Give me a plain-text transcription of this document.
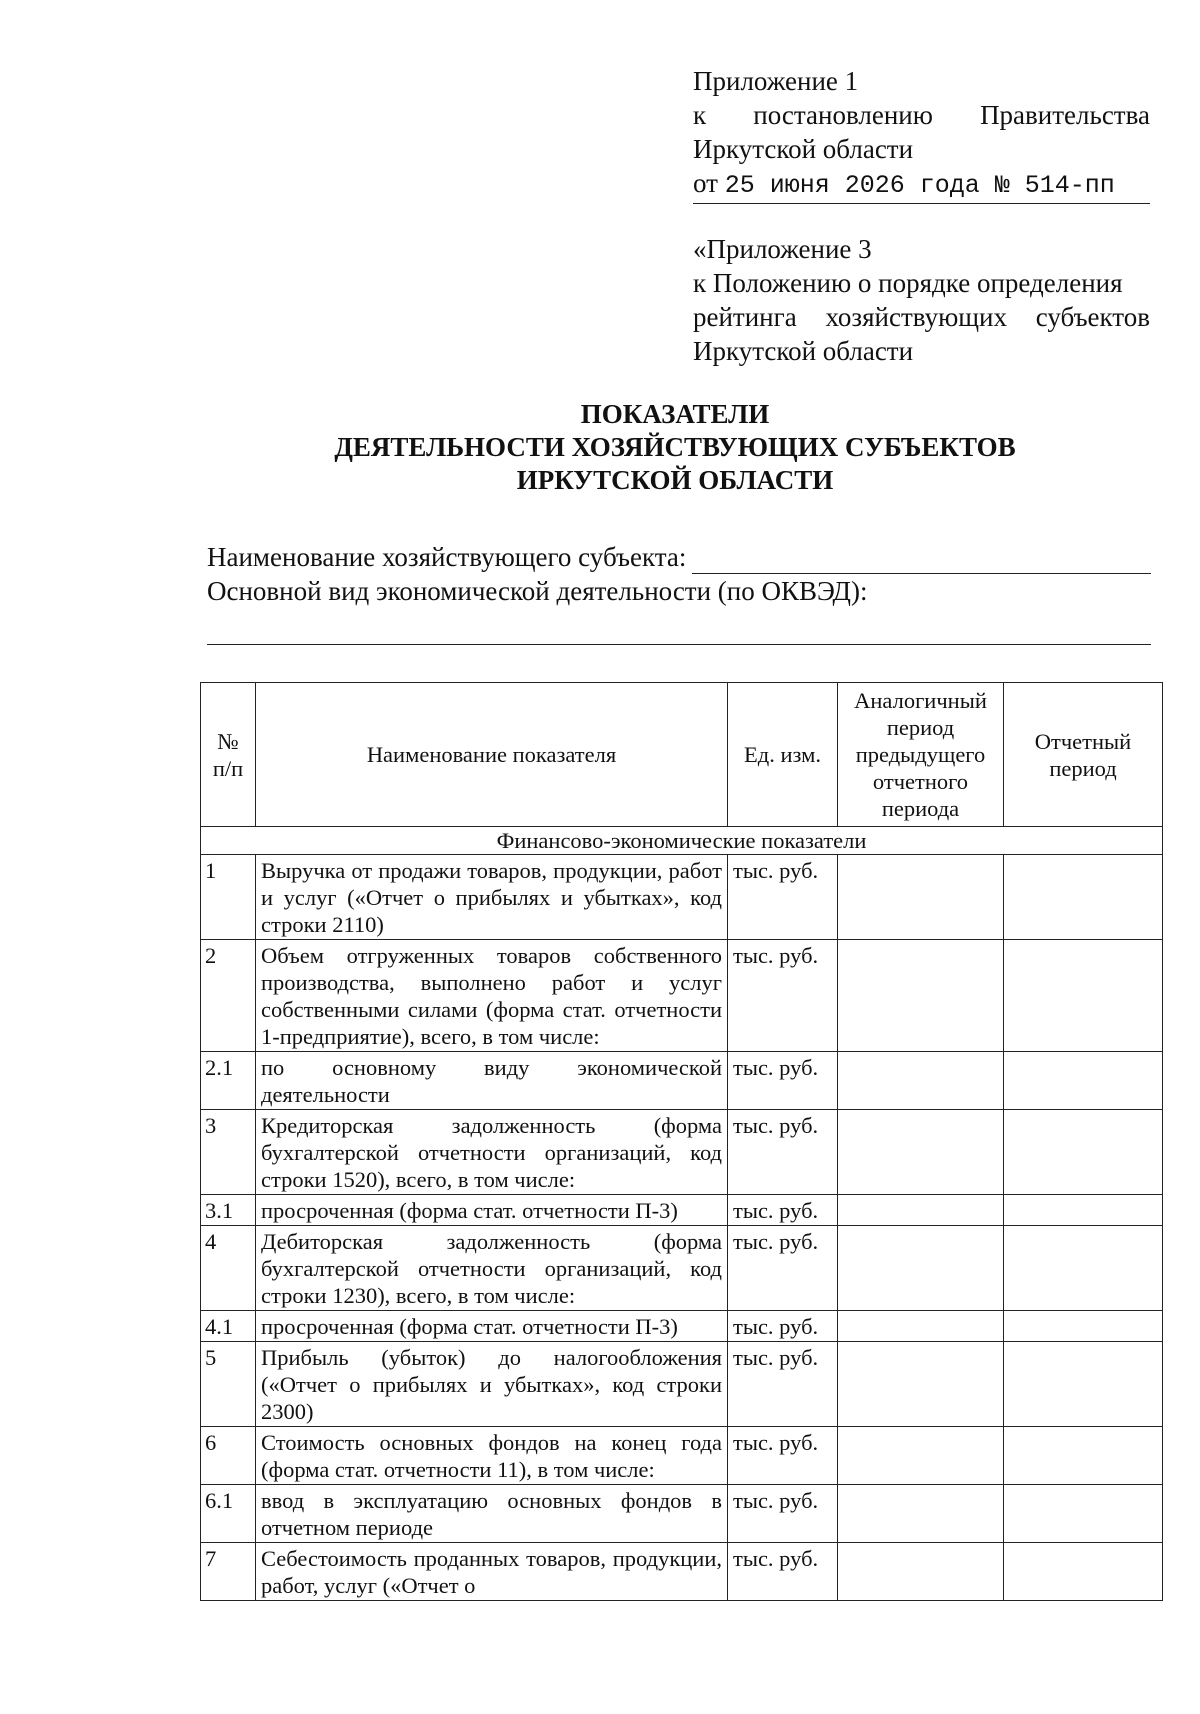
Приложение 1
к постановлению Правительства
Иркутской области
от 25 июня 2026 года № 514-пп
«Приложение 3
к Положению о порядке определения
рейтинга хозяйствующих субъектов
Иркутской области
ПОКАЗАТЕЛИ
ДЕЯТЕЛЬНОСТИ ХОЗЯЙСТВУЮЩИХ СУБЪЕКТОВ
ИРКУТСКОЙ ОБЛАСТИ
Наименование хозяйствующего субъекта:
Основной вид экономической деятельности (по ОКВЭД):
№ п/п	Наименование показателя	Ед. изм.	Аналогичный период предыдущего отчетного периода	Отчетный период
Финансово-экономические показатели				
1	Выручка от продажи товаров, продукции, работ и услуг («Отчет о прибылях и убытках», код строки 2110)	тыс. руб.		
2	Объем отгруженных товаров собственного производства, выполнено работ и услуг собственными силами (форма стат. отчетности 1-предприятие), всего, в том числе:	тыс. руб.		
2.1	по основному виду экономической деятельности	тыс. руб.		
3	Кредиторская задолженность (форма бухгалтерской отчетности организаций, код строки 1520), всего, в том числе:	тыс. руб.		
3.1	просроченная (форма стат. отчетности П-3)	тыс. руб.		
4	Дебиторская задолженность (форма бухгалтерской отчетности организаций, код строки 1230), всего, в том числе:	тыс. руб.		
4.1	просроченная (форма стат. отчетности П-3)	тыс. руб.		
5	Прибыль (убыток) до налогообложения («Отчет о прибылях и убытках», код строки 2300)	тыс. руб.		
6	Стоимость основных фондов на конец года (форма стат. отчетности 11), в том числе:	тыс. руб.		
6.1	ввод в эксплуатацию основных фондов в отчетном периоде	тыс. руб.		
7	Себестоимость проданных товаров, продукции, работ, услуг («Отчет о	тыс. руб.		
